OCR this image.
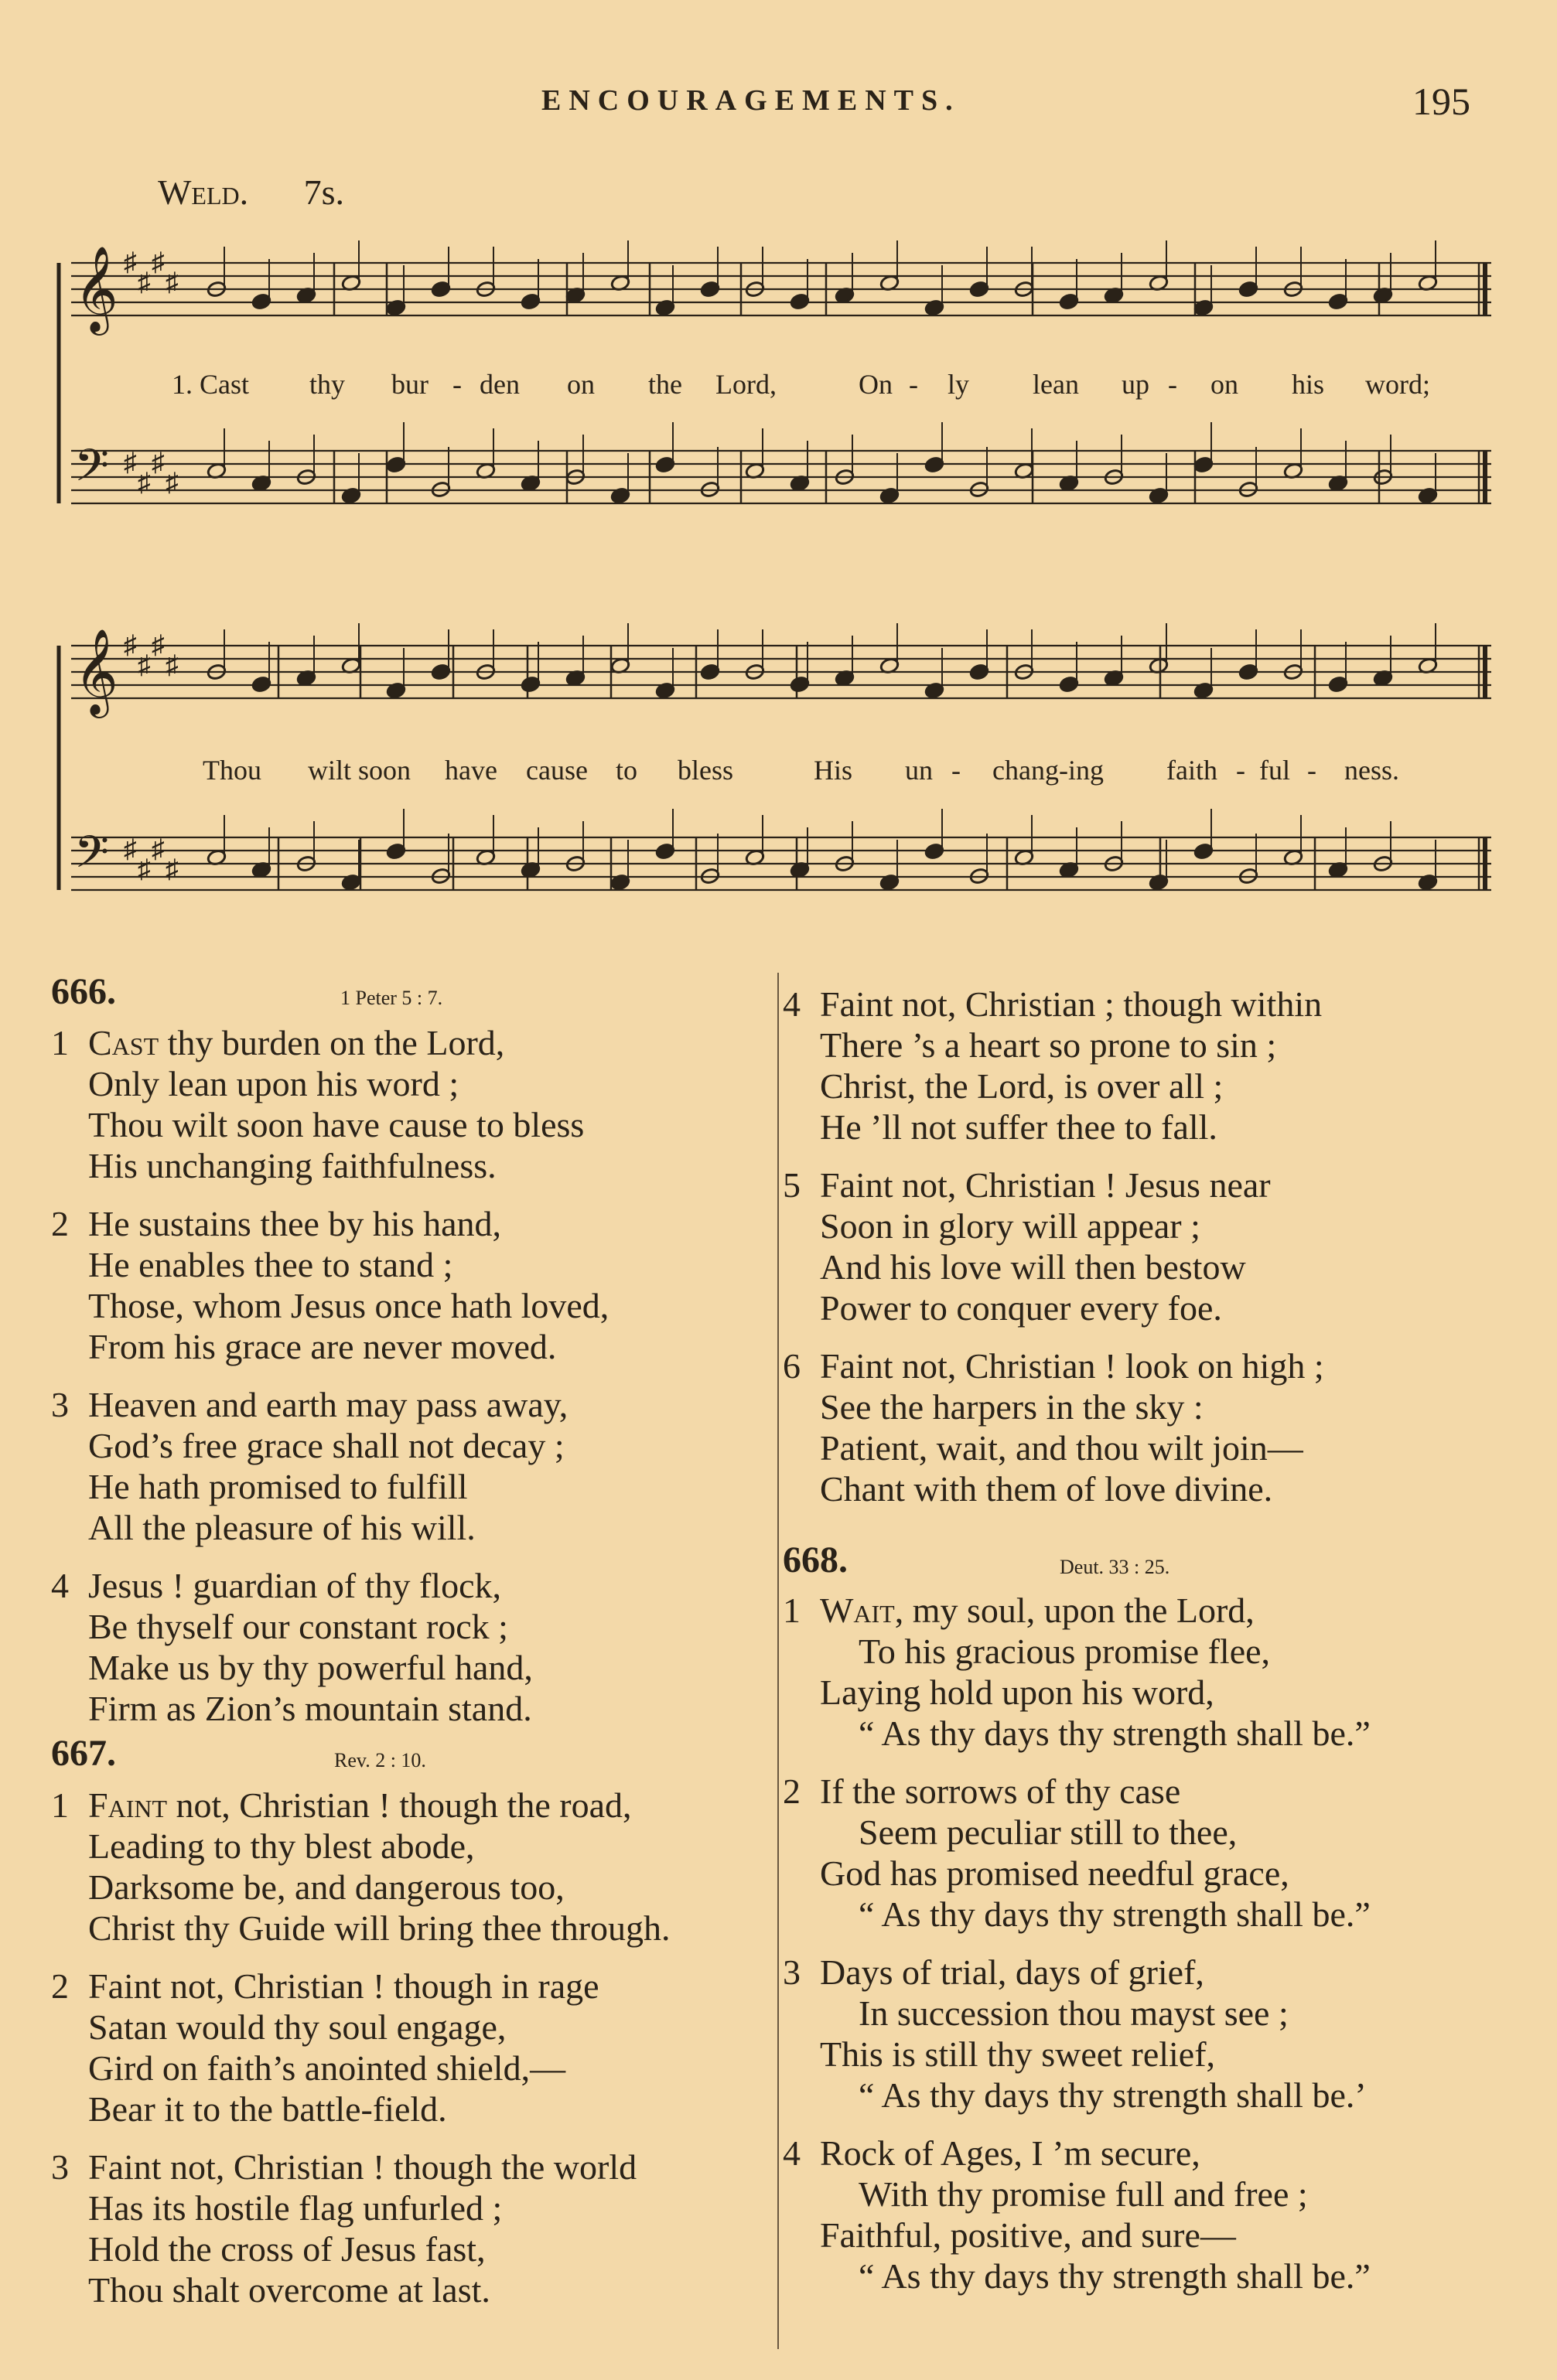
ENCOURAGEMENTS.	195
Weld. 7s.
𝄞
𝄢
♯
♯
♯
♯
♯
♯
♯
♯
𝄞
𝄢
♯
♯
♯
♯
♯
♯
♯
♯
1. Cast thy bur - den on the Lord,	On - ly lean up - on his word;
Thou wilt soon have cause to bless	His un - chang-ing faith - ful - ness.
666.	1 Peter 5 : 7.
1 Cast thy burden on the Lord,
Only lean upon his word ;
Thou wilt soon have cause to bless
His unchanging faithfulness.
2 He sustains thee by his hand,
He enables thee to stand ;
Those, whom Jesus once hath loved,
From his grace are never moved.
3 Heaven and earth may pass away,
God’s free grace shall not decay ;
He hath promised to fulfill
All the pleasure of his will.
4 Jesus ! guardian of thy flock,
Be thyself our constant rock ;
Make us by thy powerful hand,
Firm as Zion’s mountain stand.
667.	Rev. 2 : 10.
1 Faint not, Christian ! though the road,
Leading to thy blest abode,
Darksome be, and dangerous too,
Christ thy Guide will bring thee through.
2 Faint not, Christian ! though in rage
Satan would thy soul engage,
Gird on faith’s anointed shield,—
Bear it to the battle-field.
3 Faint not, Christian ! though the world
Has its hostile flag unfurled ;
Hold the cross of Jesus fast,
Thou shalt overcome at last.
4 Faint not, Christian ; though within
There ’s a heart so prone to sin ;
Christ, the Lord, is over all ;
He ’ll not suffer thee to fall.
5 Faint not, Christian ! Jesus near
Soon in glory will appear ;
And his love will then bestow
Power to conquer every foe.
6 Faint not, Christian ! look on high ;
See the harpers in the sky :
Patient, wait, and thou wilt join—
Chant with them of love divine.
668.	Deut. 33 : 25.
1 Wait, my soul, upon the Lord,
To his gracious promise flee,
Laying hold upon his word,
“ As thy days thy strength shall be.”
2 If the sorrows of thy case
Seem peculiar still to thee,
God has promised needful grace,
“ As thy days thy strength shall be.”
3 Days of trial, days of grief,
In succession thou mayst see ;
This is still thy sweet relief,
“ As thy days thy strength shall be.’
4 Rock of Ages, I ’m secure,
With thy promise full and free ;
Faithful, positive, and sure—
“ As thy days thy strength shall be.”
